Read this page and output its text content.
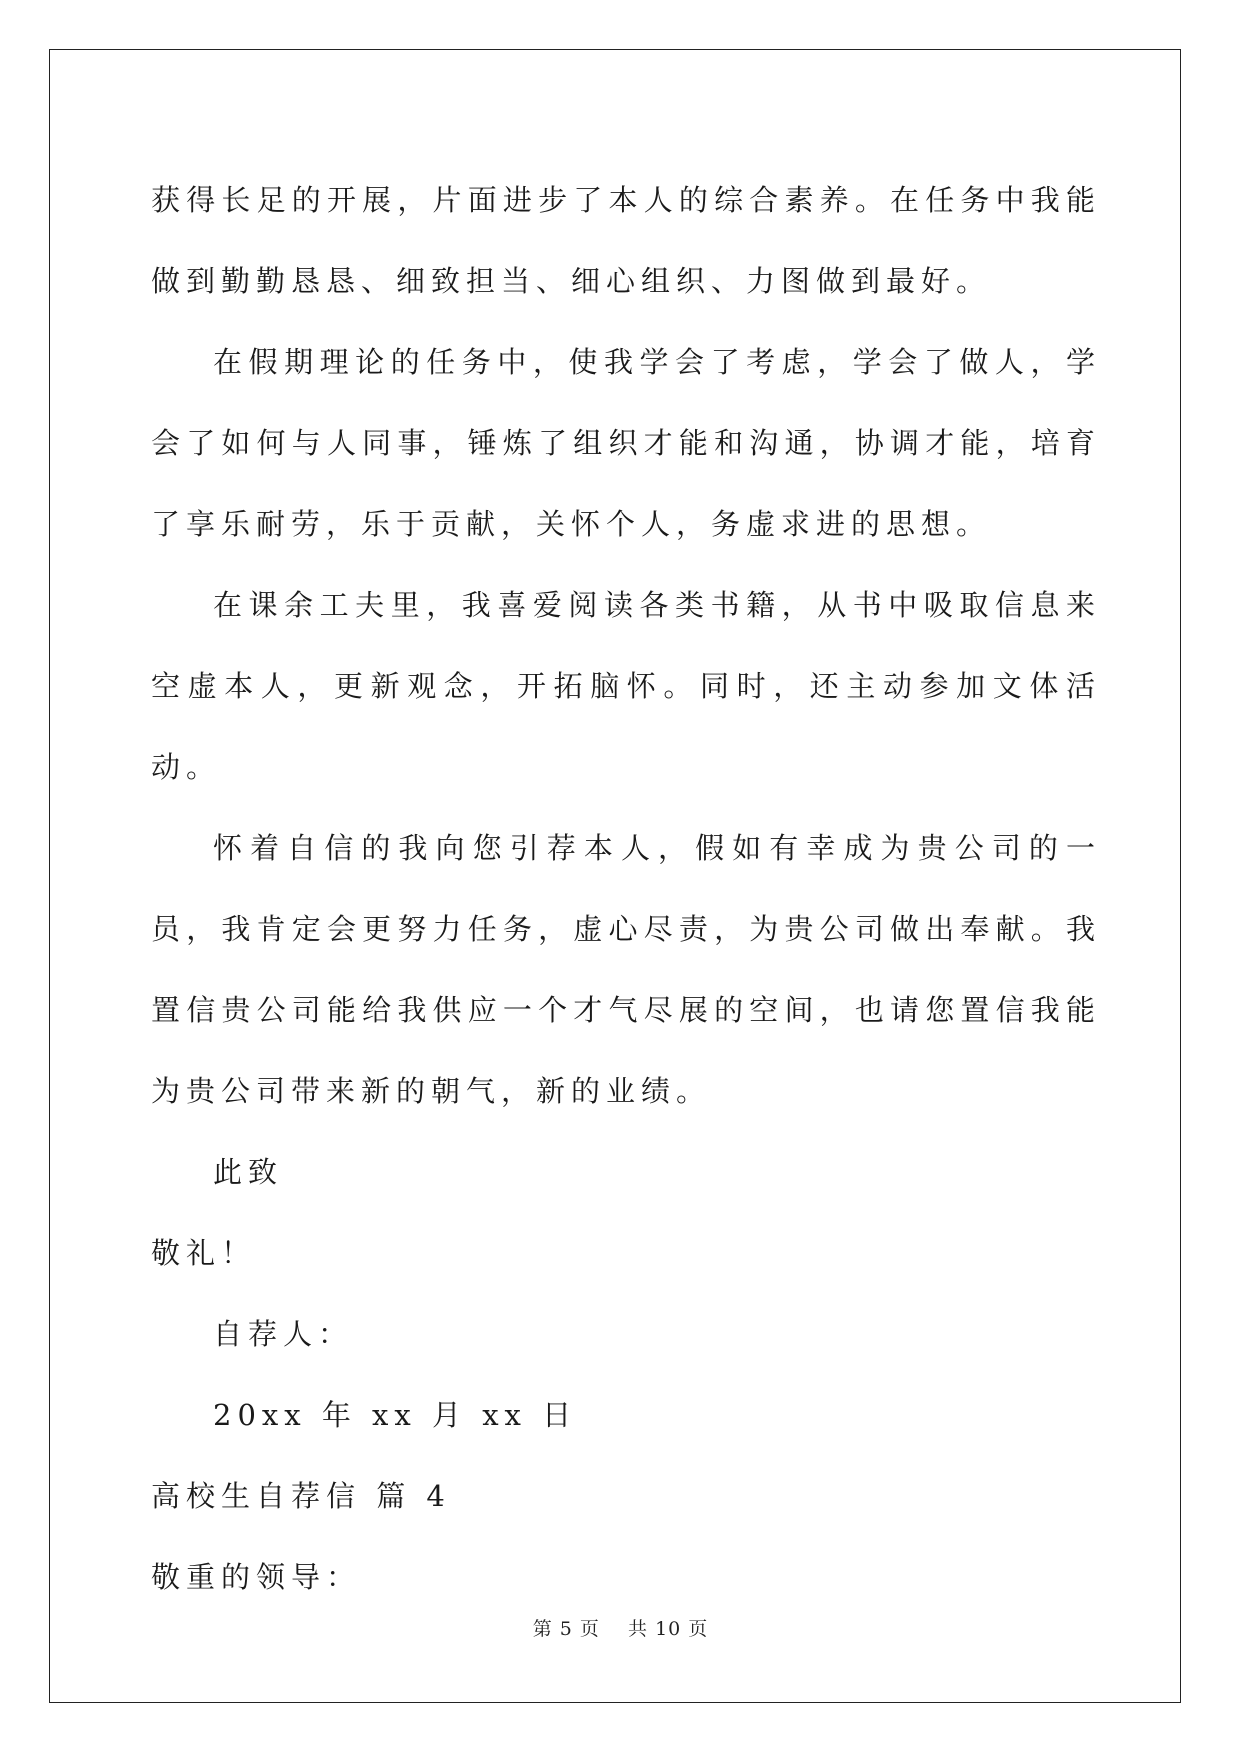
获得长足的开展，片面进步了本人的综合素养。在任务中我能做到勤勤恳恳、细致担当、细心组织、力图做到最好。

在假期理论的任务中，使我学会了考虑，学会了做人，学会了如何与人同事，锤炼了组织才能和沟通，协调才能，培育了享乐耐劳，乐于贡献，关怀个人，务虚求进的思想。

在课余工夫里，我喜爱阅读各类书籍，从书中吸取信息来空虚本人，更新观念，开拓脑怀。同时，还主动参加文体活动。

怀着自信的我向您引荐本人，假如有幸成为贵公司的一员，我肯定会更努力任务，虚心尽责，为贵公司做出奉献。我置信贵公司能给我供应一个才气尽展的空间，也请您置信我能为贵公司带来新的朝气，新的业绩。

此致

敬礼！

自荐人：

20xx 年 xx 月 xx 日

高校生自荐信 篇 4

敬重的领导：

第 5 页 共 10 页
